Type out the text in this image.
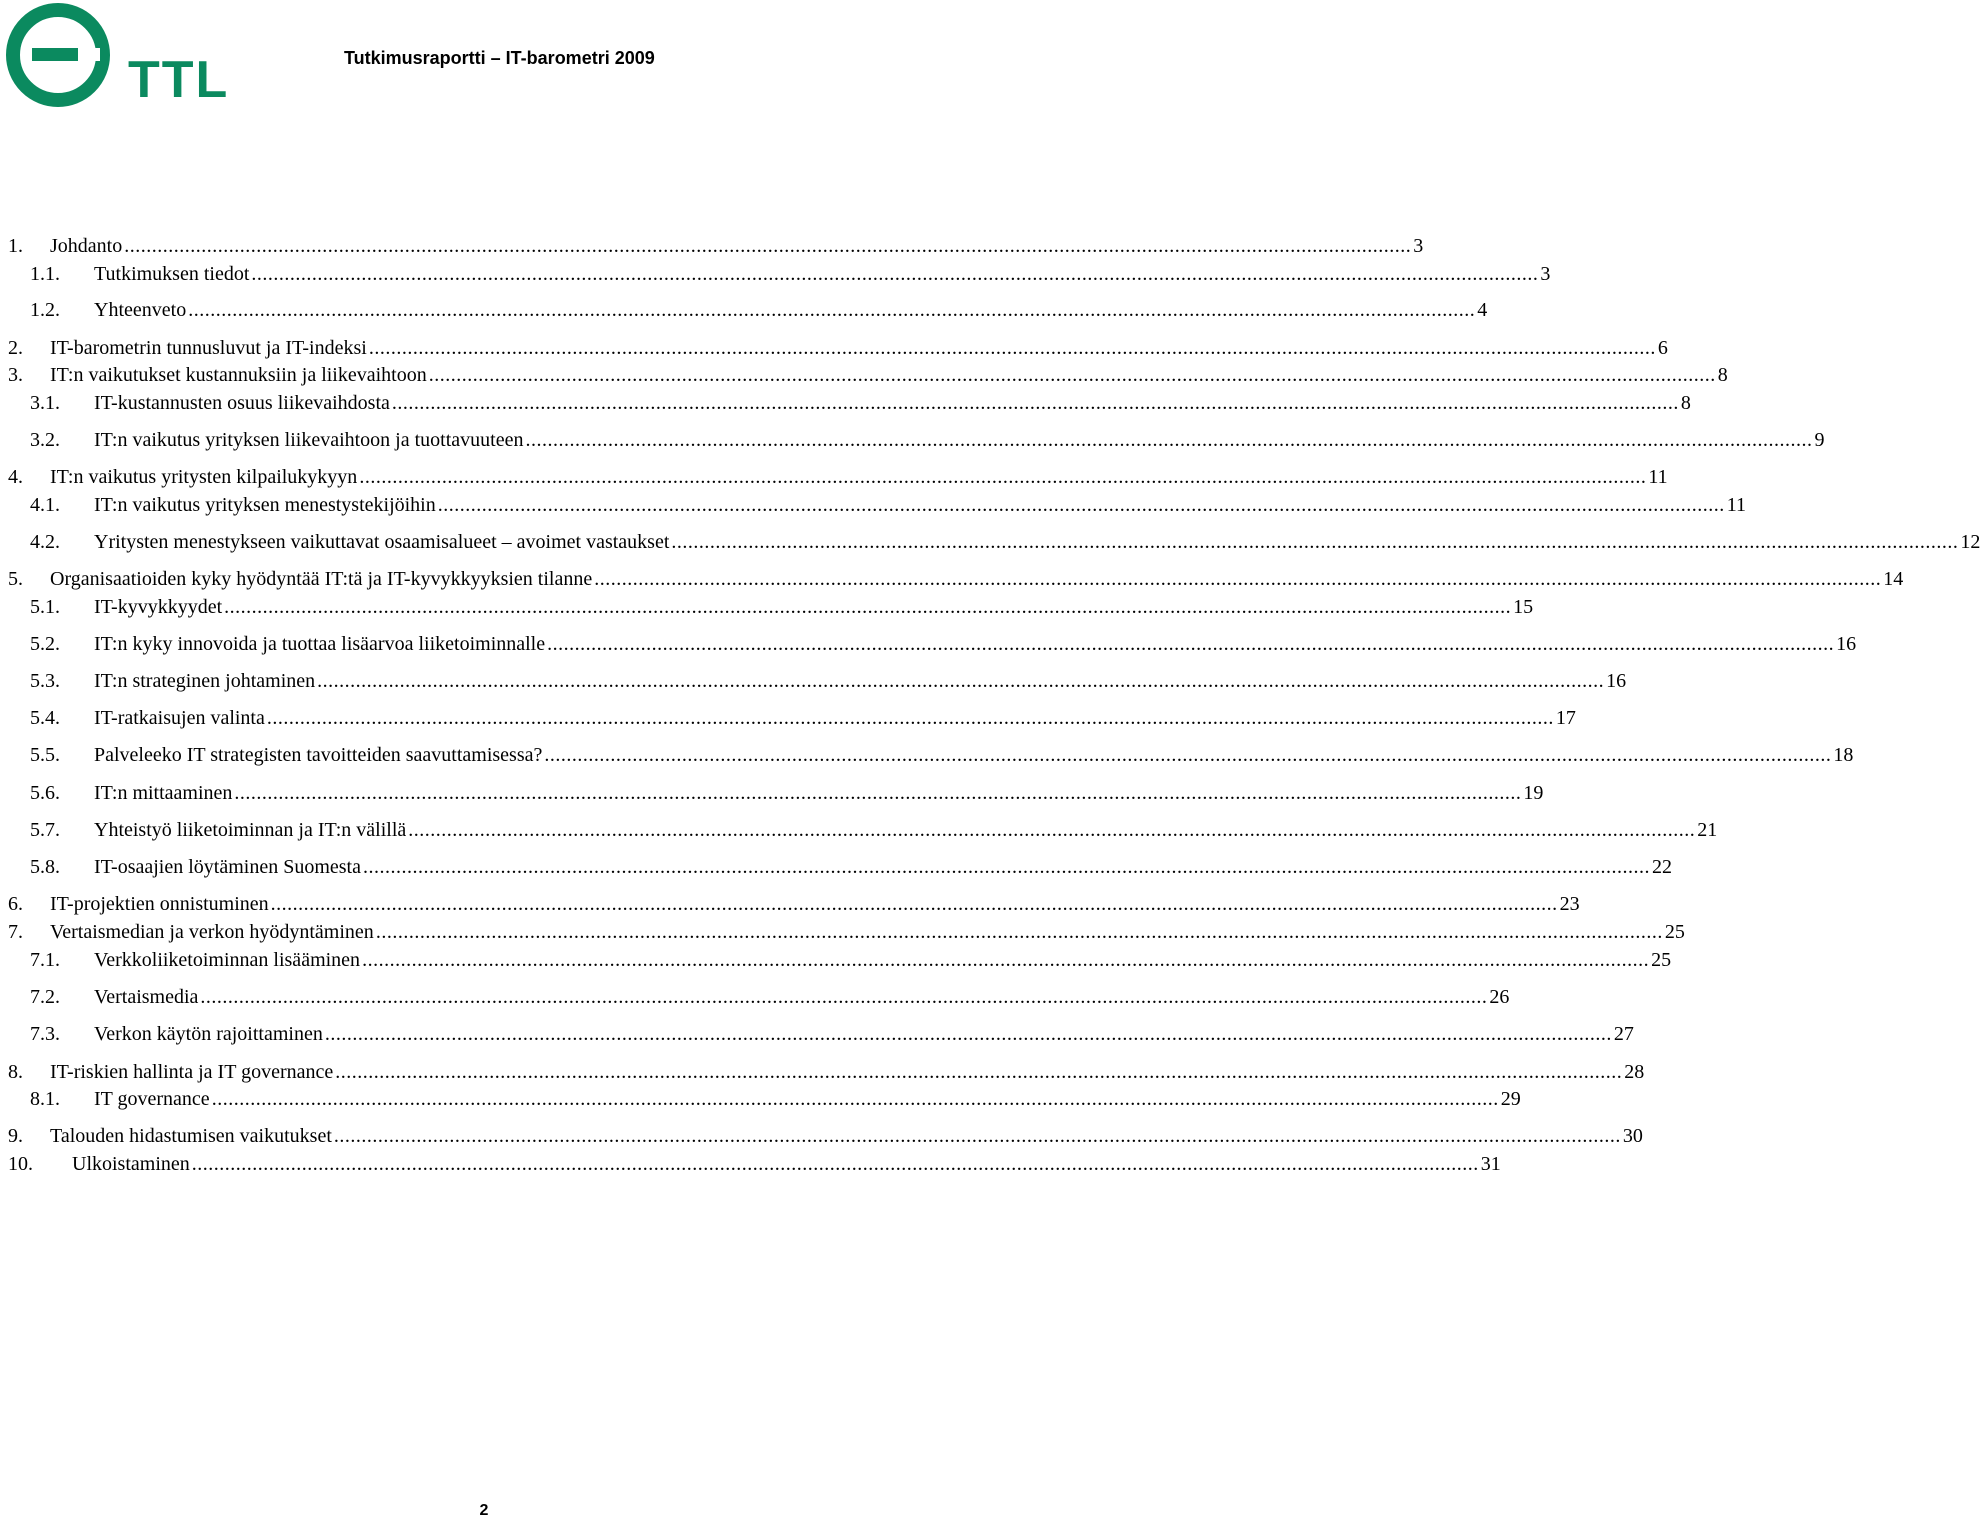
TTL	Tutkimusraportti – IT-barometri 2009
1.	Johdanto .....	3
1.1.	Tutkimuksen tiedot .....	3
1.2.	Yhteenveto .....	4
2.	IT-barometrin tunnusluvut ja IT-indeksi .....	6
3.	IT:n vaikutukset kustannuksiin ja liikevaihtoon .....	8
3.1.	IT-kustannusten osuus liikevaihdosta .....	8
3.2.	IT:n vaikutus yrityksen liikevaihtoon ja tuottavuuteen .....	9
4.	IT:n vaikutus yritysten kilpailukykyyn .....	11
4.1.	IT:n vaikutus yrityksen menestystekijöihin .....	11
4.2.	Yritysten menestykseen vaikuttavat osaamisalueet – avoimet vastaukset .....	12
5.	Organisaatioiden kyky hyödyntää IT:tä ja IT-kyvykkyyksien tilanne .....	14
5.1.	IT-kyvykkyydet .....	15
5.2.	IT:n kyky innovoida ja tuottaa lisäarvoa liiketoiminnalle .....	16
5.3.	IT:n strateginen johtaminen .....	16
5.4.	IT-ratkaisujen valinta .....	17
5.5.	Palveleeko IT strategisten tavoitteiden saavuttamisessa? .....	18
5.6.	IT:n mittaaminen .....	19
5.7.	Yhteistyö liiketoiminnan ja IT:n välillä .....	21
5.8.	IT-osaajien löytäminen Suomesta .....	22
6.	IT-projektien onnistuminen .....	23
7.	Vertaismedian ja verkon hyödyntäminen .....	25
7.1.	Verkkoliiketoiminnan lisääminen .....	25
7.2.	Vertaismedia .....	26
7.3.	Verkon käytön rajoittaminen .....	27
8.	IT-riskien hallinta ja IT governance .....	28
8.1.	IT governance .....	29
9.	Talouden hidastumisen vaikutukset .....	30
10.	Ulkoistaminen .....	31
2
